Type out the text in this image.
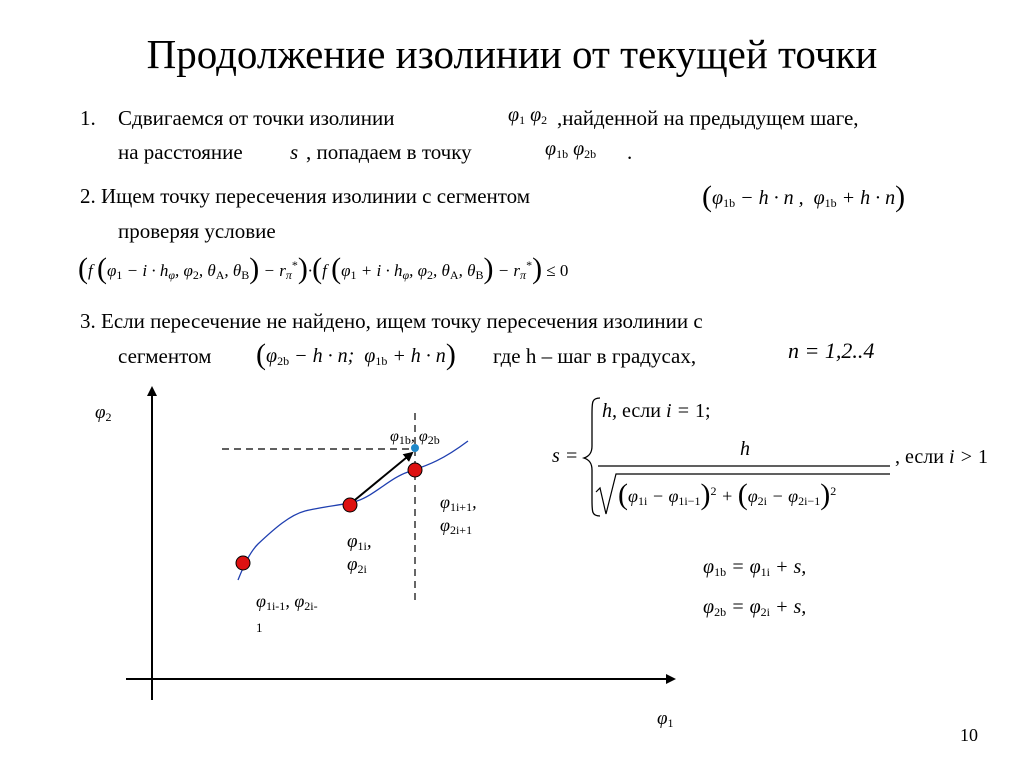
Продолжение изолинии от текущей точки
1. Сдвигаемся от точки изолинии	$\varphi_1$ $\varphi_2$ ,найденной на предыдущем шаге,
на расстояние s , попадаем в точку	$\varphi_{1b}$ $\varphi_{2b}$ .
2. Ищем точку пересечения изолинии с сегментом	($\varphi_{1b} - h \cdot n$ ,  $\varphi_{1b} + h \cdot n$)
проверяя условие
(f ($\varphi_1 - i \cdot h\varphi$, $\varphi_2$, $\theta_A$, $\theta_B) - r\pi^*)\cdot(f$ ($\varphi_1 + i \cdot h\varphi$, $\varphi_2$, $\theta_A$, $\theta_B) - r\pi^*) \le 0$
3. Если пересечение не найдено, ищем точку пересечения изолинии с
сегментом ($\varphi_{2b} - h \cdot n$;  $\varphi_{1b} + h \cdot n$) где h – шаг в градусах,	n = 1,2..4
$\varphi_2$
$\varphi_1$
$\varphi_{1b}$, $\varphi_{2b}$
$\varphi_{1i}$,
$\varphi_{2i}$
$\varphi_{1i+1}$,
$\varphi_{2i+1}$
$\varphi_{1i-1}$, $\varphi_{2i-}$
1
s =
h, если i = 1;
h
$(\varphi_{1i} - \varphi_{1i-1})^2 + (\varphi_{2i} - \varphi_{2i-1})^2$
, если i > 1
$\varphi_{1b} = \varphi_{1i} + s$,
$\varphi_{2b} = \varphi_{2i} + s$,
10
